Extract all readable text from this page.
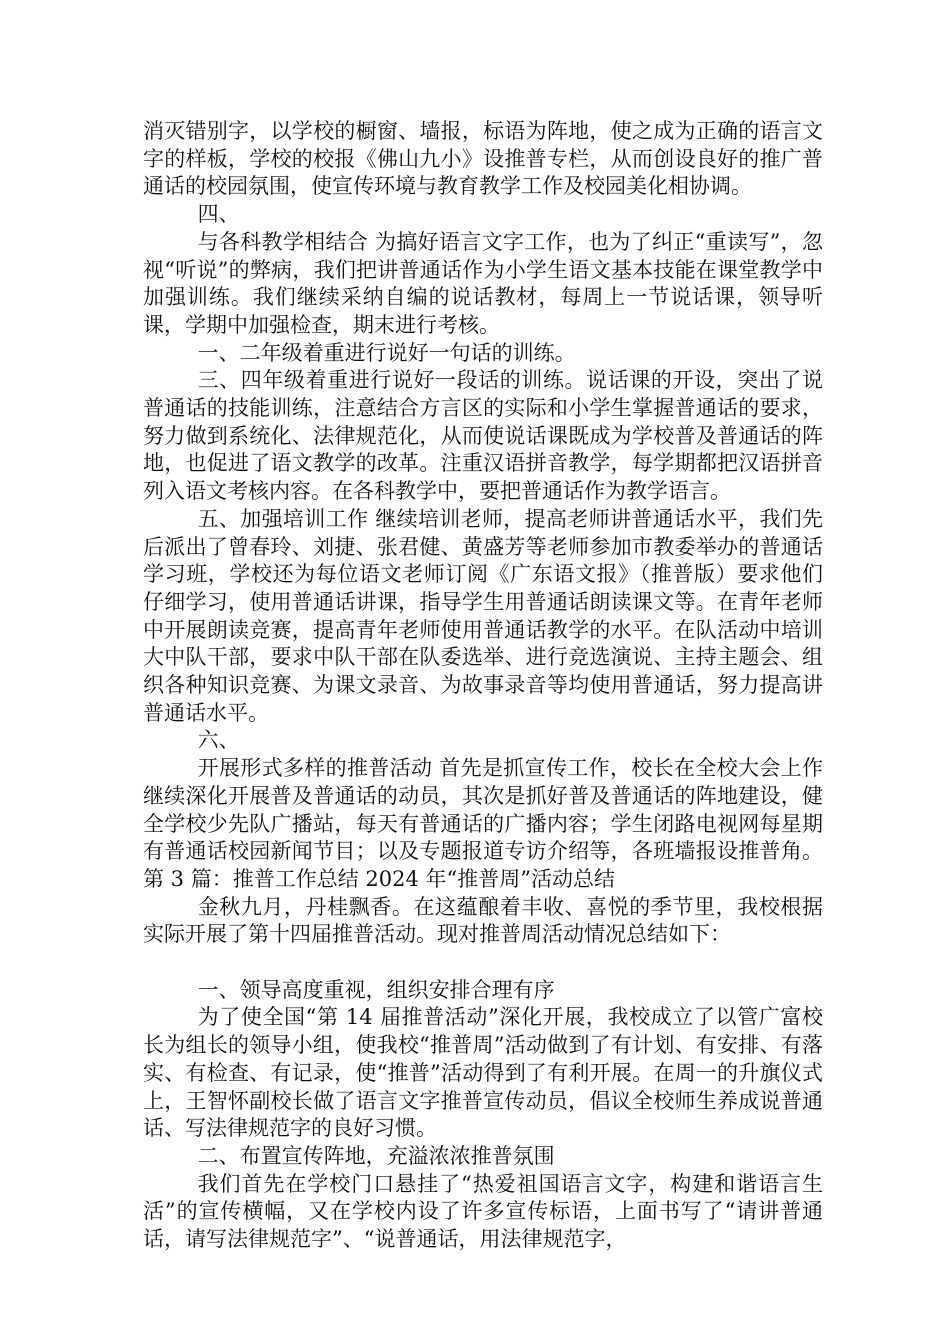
消灭错别字，以学校的橱窗、墙报，标语为阵地，使之成为正确的语言文字的样板，学校的校报《佛山九小》设推普专栏，从而创设良好的推广普通话的校园氛围，使宣传环境与教育教学工作及校园美化相协调。

四、

与各科教学相结合 为搞好语言文字工作，也为了纠正“重读写”，忽视“听说”的弊病，我们把讲普通话作为小学生语文基本技能在课堂教学中加强训练。我们继续采纳自编的说话教材，每周上一节说话课，领导听课，学期中加强检查，期末进行考核。

一、二年级着重进行说好一句话的训练。

三、四年级着重进行说好一段话的训练。说话课的开设，突出了说普通话的技能训练，注意结合方言区的实际和小学生掌握普通话的要求，努力做到系统化、法律规范化，从而使说话课既成为学校普及普通话的阵地，也促进了语文教学的改革。注重汉语拼音教学，每学期都把汉语拼音列入语文考核内容。在各科教学中，要把普通话作为教学语言。

五、加强培训工作 继续培训老师，提高老师讲普通话水平，我们先后派出了曾春玲、刘捷、张君健、黄盛芳等老师参加市教委举办的普通话学习班，学校还为每位语文老师订阅《广东语文报》（推普版）要求他们仔细学习，使用普通话讲课，指导学生用普通话朗读课文等。在青年老师中开展朗读竞赛，提高青年老师使用普通话教学的水平。在队活动中培训大中队干部，要求中队干部在队委选举、进行竞选演说、主持主题会、组织各种知识竞赛、为课文录音、为故事录音等均使用普通话，努力提高讲普通话水平。

六、

开展形式多样的推普活动 首先是抓宣传工作，校长在全校大会上作继续深化开展普及普通话的动员，其次是抓好普及普通话的阵地建设，健全学校少先队广播站，每天有普通话的广播内容；学生闭路电视网每星期有普通话校园新闻节目；以及专题报道专访介绍等，各班墙报设推普角。第 3 篇：推普工作总结 2024 年“推普周”活动总结

金秋九月，丹桂飘香。在这蕴酿着丰收、喜悦的季节里，我校根据实际开展了第十四届推普活动。现对推普周活动情况总结如下：

一、领导高度重视，组织安排合理有序

为了使全国“第 14 届推普活动”深化开展，我校成立了以管广富校长为组长的领导小组，使我校“推普周”活动做到了有计划、有安排、有落实、有检查、有记录，使“推普”活动得到了有利开展。在周一的升旗仪式上，王智怀副校长做了语言文字推普宣传动员，倡议全校师生养成说普通话、写法律规范字的良好习惯。

二、布置宣传阵地，充溢浓浓推普氛围

我们首先在学校门口悬挂了“热爱祖国语言文字，构建和谐语言生活”的宣传横幅，又在学校内设了许多宣传标语，上面书写了“请讲普通话，请写法律规范字”、“说普通话，用法律规范字，
